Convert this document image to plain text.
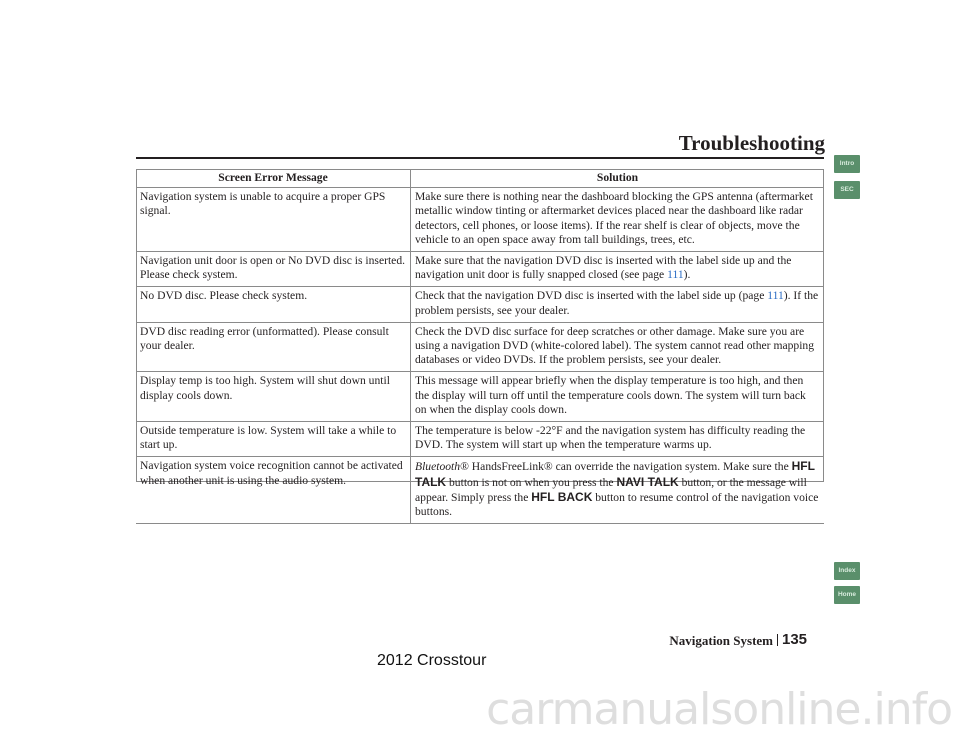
Troubleshooting
Screen Error Message	Solution
Navigation system is unable to acquire a proper GPS signal.	Make sure there is nothing near the dashboard blocking the GPS antenna (aftermarket metallic window tinting or aftermarket devices placed near the dashboard like radar detectors, cell phones, or loose items). If the rear shelf is clear of objects, move the vehicle to an open space away from tall buildings, trees, etc.
Navigation unit door is open or No DVD disc is inserted. Please check system.	Make sure that the navigation DVD disc is inserted with the label side up and the navigation unit door is fully snapped closed (see page 111).
No DVD disc. Please check system.	Check that the navigation DVD disc is inserted with the label side up (page 111). If the problem persists, see your dealer.
DVD disc reading error (unformatted). Please consult your dealer.	Check the DVD disc surface for deep scratches or other damage. Make sure you are using a navigation DVD (white-colored label). The system cannot read other mapping databases or video DVDs. If the problem persists, see your dealer.
Display temp is too high. System will shut down until display cools down.	This message will appear briefly when the display temperature is too high, and then the display will turn off until the temperature cools down. The system will turn back on when the display cools down.
Outside temperature is low. System will take a while to start up.	The temperature is below -22°F and the navigation system has difficulty reading the DVD. The system will start up when the temperature warms up.
Navigation system voice recognition cannot be activated when another unit is using the audio system.	Bluetooth® HandsFreeLink® can override the navigation system. Make sure the HFL TALK button is not on when you press the NAVI TALK button, or the message will appear. Simply press the HFL BACK button to resume control of the navigation voice buttons.
Intro
SEC
Index
Home
Navigation System 135
2012 Crosstour
carmanualsonline.info
